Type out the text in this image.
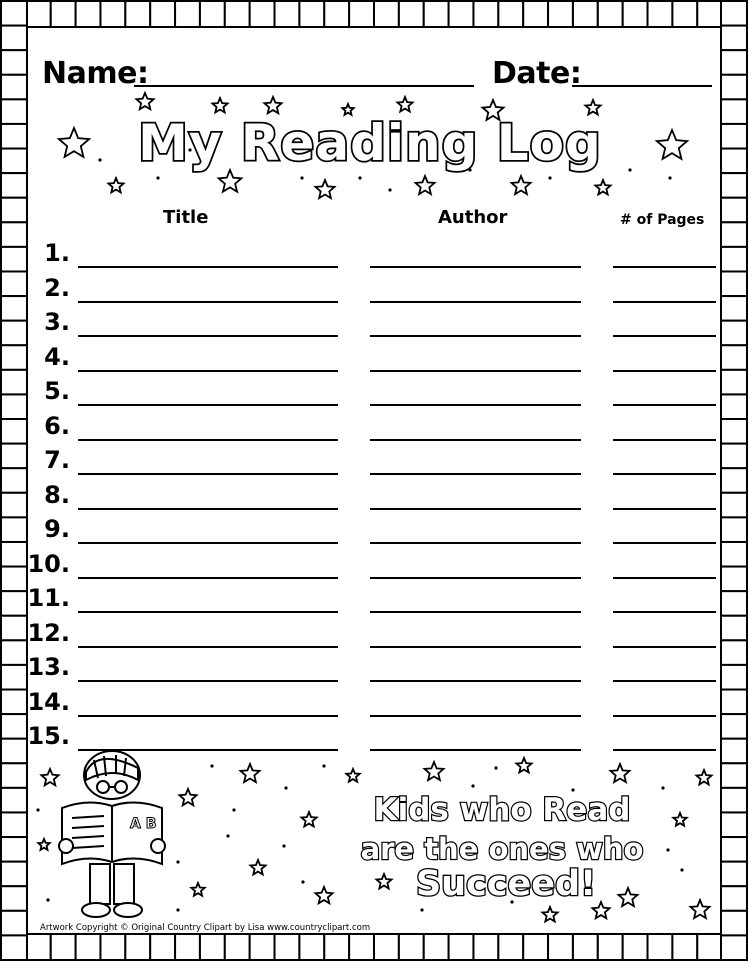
Name:	Date:
My Reading Log
Title	Author	# of Pages
1.
2.
3.
4.
5.
6.
7.
8.
9.
10.
11.
12.
13.
14.
15.
A B	Kids who Read
are the ones who
Succeed!
Artwork Copyright © Original Country Clipart by Lisa www.countryclipart.com
